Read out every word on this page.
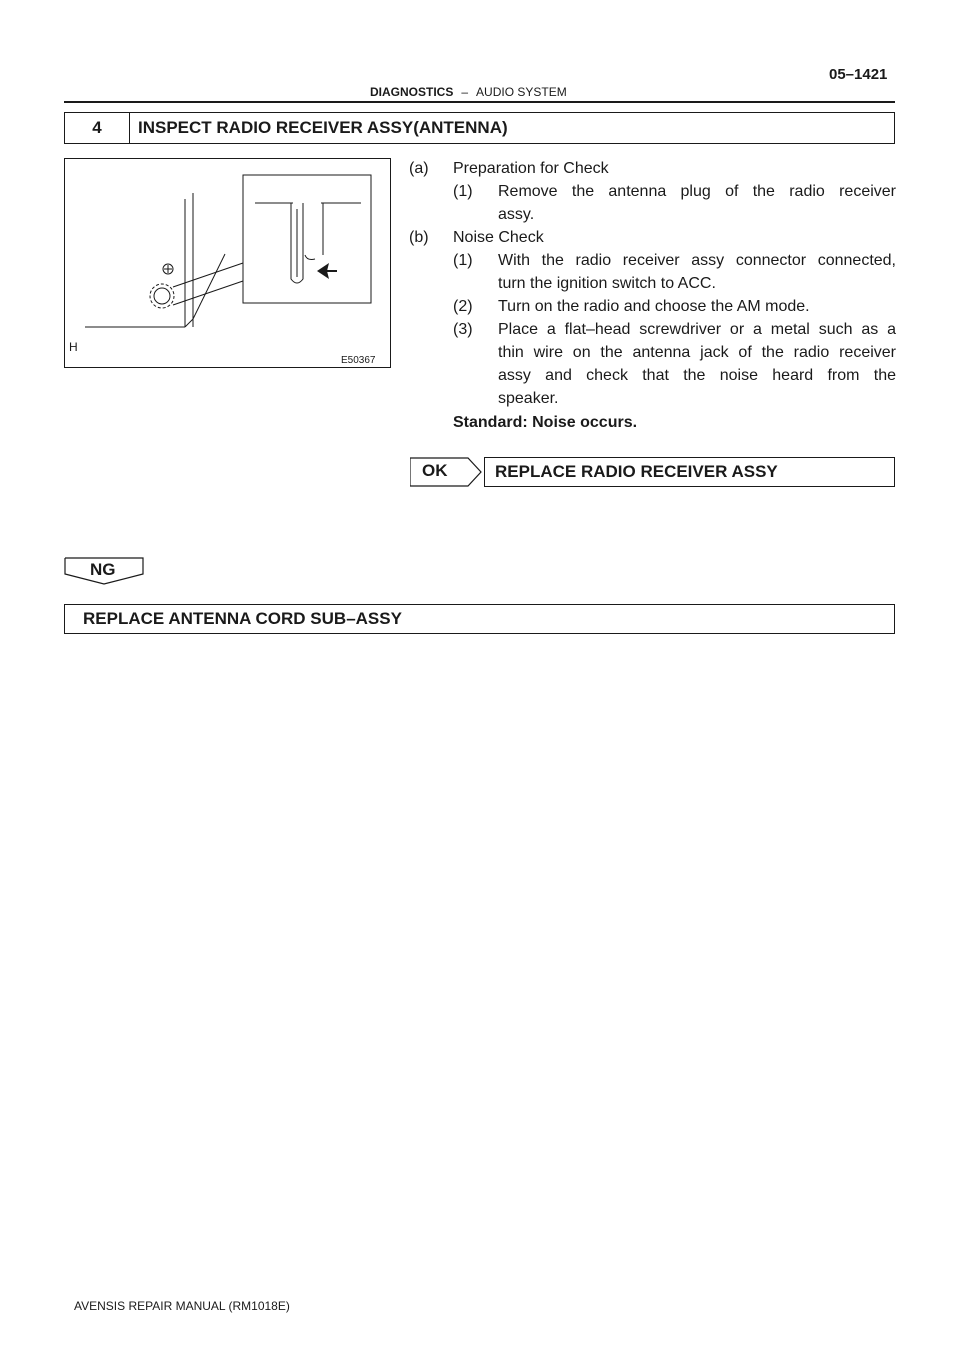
05–1421
DIAGNOSTICS – AUDIO SYSTEM
4	INSPECT RADIO RECEIVER ASSY(ANTENNA)
H
E50367
(a) Preparation for Check
(1) Remove the antenna plug of the radio receiver
assy.
(b) Noise Check
(1) With the radio receiver assy connector connected,
turn the ignition switch to ACC.
(2) Turn on the radio and choose the AM mode.
(3) Place a flat–head screwdriver or a metal such as a
thin wire on the antenna jack of the radio receiver
assy and check that the noise heard from the
speaker.
Standard: Noise occurs.
OK	REPLACE RADIO RECEIVER ASSY
NG
REPLACE ANTENNA CORD SUB–ASSY
AVENSIS REPAIR MANUAL (RM1018E)
